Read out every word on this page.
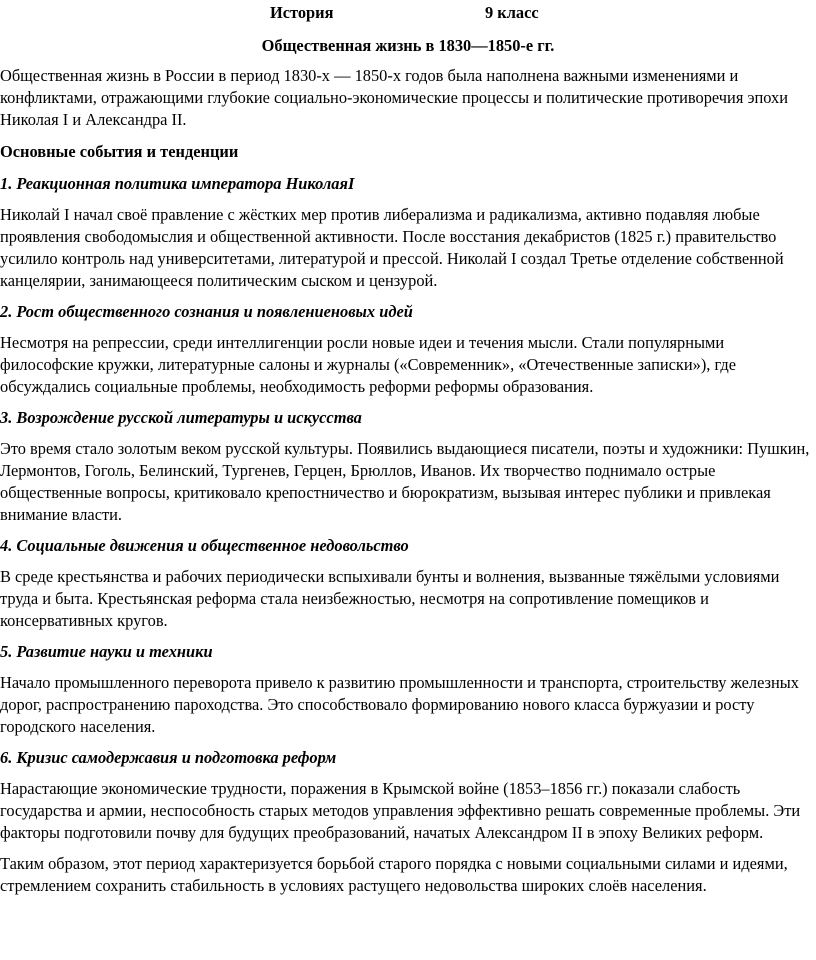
История	9 класс
Общественная жизнь в 1830—1850-е гг.

Общественная жизнь в России в период 1830-х — 1850-х годов была наполнена важными изменениями и конфликтами, отражающими глубокие социально-экономические процессы и политические противоречия эпохи Николая I и Александра II.

Основные события и тенденции

1. Реакционная политика императора НиколаяI

Николай I начал своё правление с жёстких мер против либерализма и радикализма, активно подавляя любые проявления свободомыслия и общественной активности. После восстания декабристов (1825 г.) правительство усилило контроль над университетами, литературой и прессой. Николай I создал Третье отделение собственной канцелярии, занимающееся политическим сыском и цензурой.

2. Рост общественного сознания и появлениеновых идей

Несмотря на репрессии, среди интеллигенции росли новые идеи и течения мысли. Стали популярными философские кружки, литературные салоны и журналы («Современник», «Отечественные записки»), где обсуждались социальные проблемы, необходимость реформи реформы образования.

3. Возрождение русской литературы и искусства

Это время стало золотым веком русской культуры. Появились выдающиеся писатели, поэты и художники: Пушкин, Лермонтов, Гоголь, Белинский, Тургенев, Герцен, Брюллов, Иванов. Их творчество поднимало острые общественные вопросы, критиковало крепостничество и бюрократизм, вызывая интерес публики и привлекая внимание власти.

4. Социальные движения и общественное недовольство

В среде крестьянства и рабочих периодически вспыхивали бунты и волнения, вызванные тяжёлыми условиями труда и быта. Крестьянская реформа стала неизбежностью, несмотря на сопротивление помещиков и консервативных кругов.

5. Развитие науки и техники

Начало промышленного переворота привело к развитию промышленности и транспорта, строительству железных дорог, распространению пароходства. Это способствовало формированию нового класса буржуазии и росту городского населения.

6. Кризис самодержавия и подготовка реформ

Нарастающие экономические трудности, поражения в Крымской войне (1853–1856 гг.) показали слабость государства и армии, неспособность старых методов управления эффективно решать современные проблемы. Эти факторы подготовили почву для будущих преобразований, начатых Александром II в эпоху Великих реформ.

Таким образом, этот период характеризуется борьбой старого порядка с новыми социальными силами и идеями, стремлением сохранить стабильность в условиях растущего недовольства широких слоёв населения.
